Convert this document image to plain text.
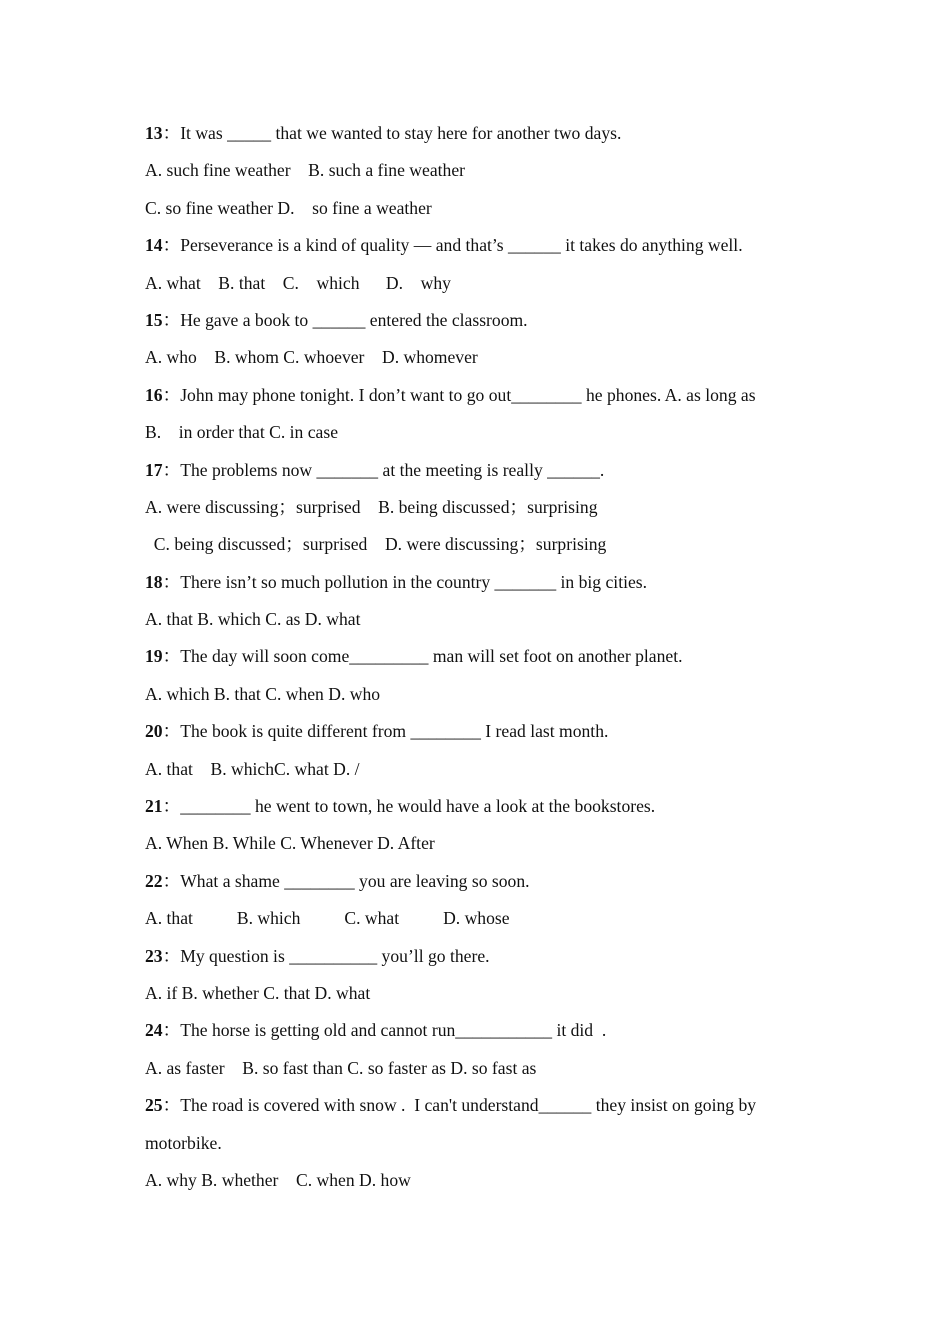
13：It was _____ that we wanted to stay here for another two days.
A. such fine weather    B. such a fine weather
C. so fine weather D.    so fine a weather
14：Perseverance is a kind of quality — and that’s ______ it takes do anything well.
A. what    B. that    C.    which      D.    why
15：He gave a book to ______ entered the classroom.
A. who    B. whom C. whoever    D. whomever
16：John may phone tonight. I don’t want to go out________ he phones. A. as long as
B.    in order that C. in case
17：The problems now _______ at the meeting is really ______.
A. were discussing；surprised    B. being discussed；surprising
C. being discussed；surprised    D. were discussing；surprising
18：There isn’t so much pollution in the country _______ in big cities.
A. that B. which C. as D. what
19：The day will soon come_________ man will set foot on another planet.
A. which B. that C. when D. who
20：The book is quite different from ________ I read last month.
A. that    B. whichC. what D. /
21：________ he went to town, he would have a look at the bookstores.
A. When B. While C. Whenever D. After
22：What a shame ________ you are leaving so soon.
A. that          B. which          C. what          D. whose
23：My question is __________ you’ll go there.
A. if B. whether C. that D. what
24：The horse is getting old and cannot run___________ it did  .
A. as faster    B. so fast than C. so faster as D. so fast as
25：The road is covered with snow .  I can't understand______ they insist on going by
motorbike.
A. why B. whether    C. when D. how
